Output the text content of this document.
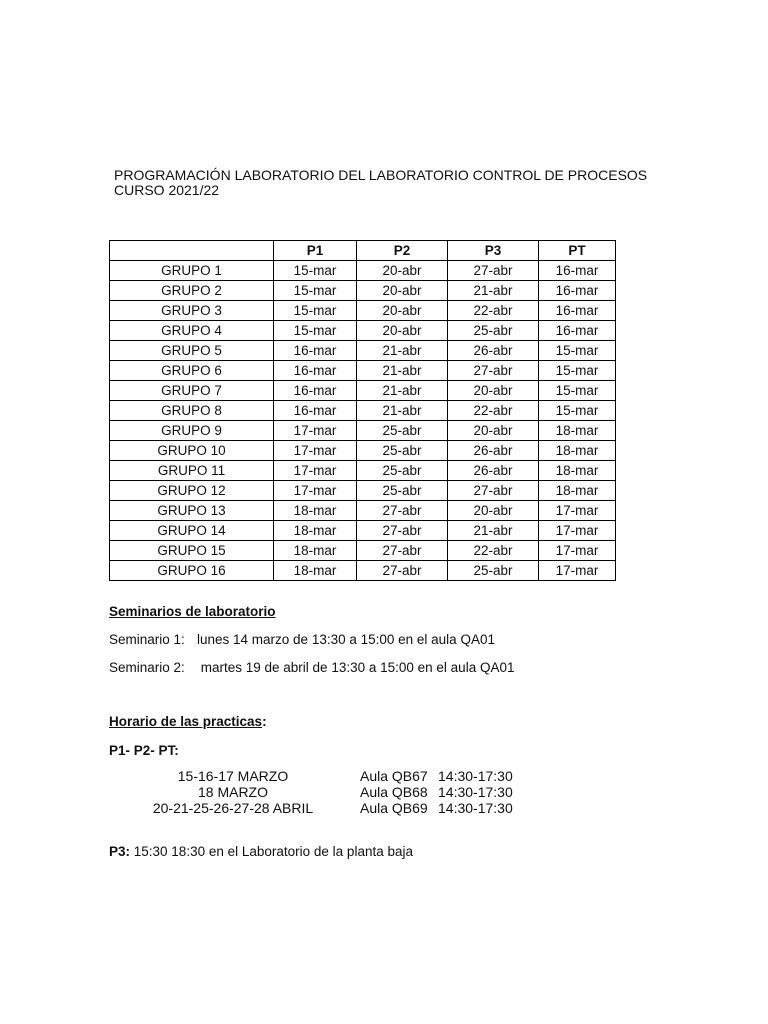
PROGRAMACIÓN LABORATORIO DEL LABORATORIO CONTROL DE PROCESOS
CURSO 2021/22
	P1	P2	P3	PT
GRUPO 1	15-mar	20-abr	27-abr	16-mar
GRUPO 2	15-mar	20-abr	21-abr	16-mar
GRUPO 3	15-mar	20-abr	22-abr	16-mar
GRUPO 4	15-mar	20-abr	25-abr	16-mar
GRUPO 5	16-mar	21-abr	26-abr	15-mar
GRUPO 6	16-mar	21-abr	27-abr	15-mar
GRUPO 7	16-mar	21-abr	20-abr	15-mar
GRUPO 8	16-mar	21-abr	22-abr	15-mar
GRUPO 9	17-mar	25-abr	20-abr	18-mar
GRUPO 10	17-mar	25-abr	26-abr	18-mar
GRUPO 11	17-mar	25-abr	26-abr	18-mar
GRUPO 12	17-mar	25-abr	27-abr	18-mar
GRUPO 13	18-mar	27-abr	20-abr	17-mar
GRUPO 14	18-mar	27-abr	21-abr	17-mar
GRUPO 15	18-mar	27-abr	22-abr	17-mar
GRUPO 16	18-mar	27-abr	25-abr	17-mar
Seminarios de laboratorio
Seminario 1: lunes 14 marzo de 13:30 a 15:00 en el aula QA01
Seminario 2: martes 19 de abril de 13:30 a 15:00 en el aula QA01
Horario de las practicas:
P1- P2- PT:
15-16-17 MARZO	Aula QB67 14:30-17:30
18 MARZO	Aula QB68 14:30-17:30
20-21-25-26-27-28 ABRIL	Aula QB69 14:30-17:30
P3: 15:30 18:30 en el Laboratorio de la planta baja
